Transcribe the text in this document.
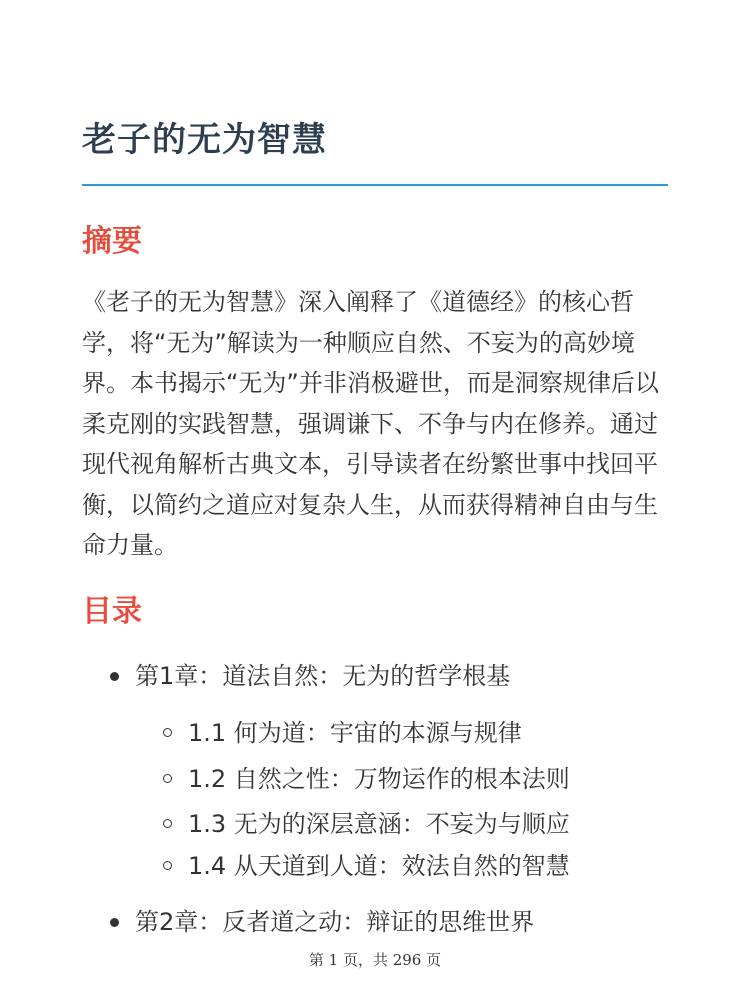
老子的无为智慧
摘要

《老子的无为智慧》深入阐释了《道德经》的核心哲学，将“无为”解读为一种顺应自然、不妄为的高妙境界。本书揭示“无为”并非消极避世，而是洞察规律后以柔克刚的实践智慧，强调谦下、不争与内在修养。通过现代视角解析古典文本，引导读者在纷繁世事中找回平衡，以简约之道应对复杂人生，从而获得精神自由与生命力量。

目录
第1章：道法自然：无为的哲学根基
1.1 何为道：宇宙的本源与规律
1.2 自然之性：万物运作的根本法则
1.3 无为的深层意涵：不妄为与顺应
1.4 从天道到人道：效法自然的智慧
第2章：反者道之动：辩证的思维世界
第 1 页，共 296 页
